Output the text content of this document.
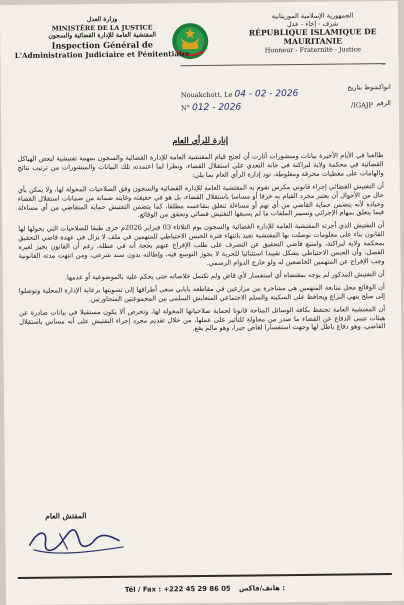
الجمهورية الإسلامية الموريتانية
شرف - إخاء - عدل
RÉPUBLIQUE ISLAMIQUE DE MAURITANIE
Honneur - Fraternité - Justice
وزارة العدل
MINISTÈRE DE LA JUSTICE
المفتشية العامة للإدارة القضائية والسجون
Inspection Général de
L'Administration Judiciaire et Pénitentiaire
انواكشوط بتاريخ
Nouakchott, Le 04 - 02 - 2026
الرقم
N° 012 - 2026	/IGAJP
إنارة للرأي العام

طالعنا في الأيام الأخيرة بيانات ومنشورات أثارت أن لجنج قيام المفتشية العامة للإدارة القضائية والسجون بمهمة تفتيشية لبعض الهياكل القضائية في محكمة ولاية لبراكنة في خانة التعدي على استقلال القضاء، ونظرا لما اعتمدته تلك البيانات والمنشورات من ترتيب نتائج والهامات على معطيات محرفة ومغلوطة، تود إدارة الرأي العام بما يلي:

أن التفتيش القضائي إجراء قانوني مكرس تقوم به المفتشية العامة للإدارة القضائية والسجون وفق الصلاحيات المخولة لها، ولا يمكن بأي حال من الأحوال أن يعتبر مجرد القيام به خرقا أو مساسا باستقلال القضاء، بل هو في حقيقته وغايته ضمانة من ضمانات استقلال القضاء وحياده لأنه يتضمن حماية القاضي من أي تهم أو مساءلة تتعلق بتقاعسه مطلقا، كما يتضمن التفتيش حماية المتقاضي من أي مساءلة فيما يتعلق بمهام الإجرائي وتسيير الملفات ما لم يسبقها التفتيش قضائي وتحقق من الوقائع.

أن التفتيش الذي أجرته المفتشية العامة للإدارة القضائية والسجون يوم الثلاثاء 03 فبراير 2026م جرى طبقا للصلاحيات التي يخولها لها القانون بناء على معلومات توصلت بها المفتشية تفيد بانتهاء فترة الحبس الاحتياطي للمتهمين في ملف لا يزال في عهدة قاضي التحقيق بمحكمة ولاية لبراكنة، وامتنع قاضي التحقيق عن التصرف على طلب الإفراج عنهم بحجة أنه في عطلة، رغم أن القانون يجيز لغيره الفصل، وأن الحبس الاحتياطي يشكل تقييدا استثنائيا للحرية لا يجوز التوسع فيه، وإطالته بدون سند شرعي، ومن انتهت مدته القانونية وجب الإفراج عن المتهمين الخاضعين له ولو خارج الدوام الرسمي.

أن التفتيش المذكور لم يوجه بمقتضاه أي استفسار لأي قاض ولم تكتمل خلاصاته حتى يحكم عليه بالموضوعية أو عدمها.

أن الوقائع محل متابعة المتهمين هي مشاجرة بين مزارعين في مقاطعة بابابي سعى أطرافها إلى تسويتها برعاية الإدارة المحلية وتوصلوا إلى صلح ينهي النزاع ويحافظ على السكينة والسلم الاجتماعي المتعايش السلمي بين المجموعتين المتجاورتين.

أن المفتشية العامة تحتفظ بكافة الوسائل المتاحة قانونا لحماية صلاحياتها المخولة لها، وتحرص ألا يكون مستقبلا في بيانات صادرة عن هيئات تتبنى الدفاع عن القضاء ما صدر من محاولة للتأثير على عملها، من خلال تقديم مجرد إجراء التفتيش على أنه مساس باستقلال القاضي، وهو دفاع باطل لها وجهت استفسارا لقاض جبرا، وهو مالم يقع.

المفتش العام
Tél / Fax : +222 45 29 86 05 هاتف/فاكس :
